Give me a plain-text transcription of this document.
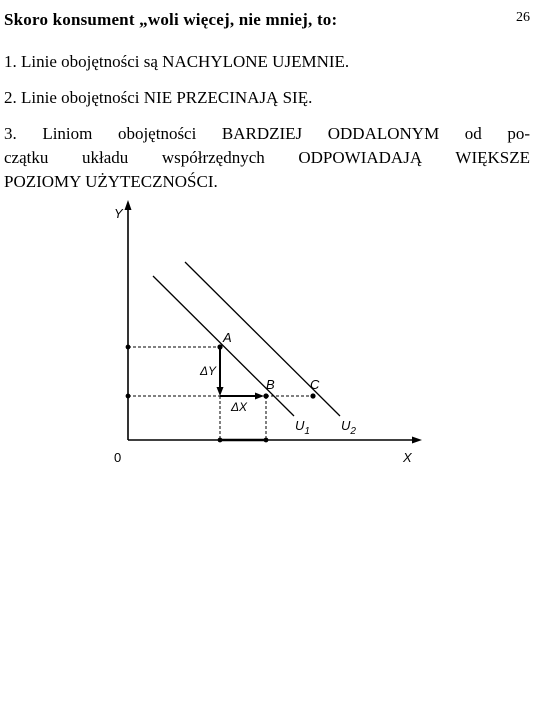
Skoro konsument „woli więcej, nie mniej, to:	26
1. Linie obojętności są NACHYLONE UJEMNIE.
2. Linie obojętności NIE PRZECINAJĄ SIĘ.
3. Liniom obojętności BARDZIEJ ODDALONYM od po-
czątku układu współrzędnych ODPOWIADAJĄ WIĘKSZE
POZIOMY UŻYTECZNOŚCI.
Y
X
0
A
B	C
ΔY
ΔX
$U_1$ $U_2$
